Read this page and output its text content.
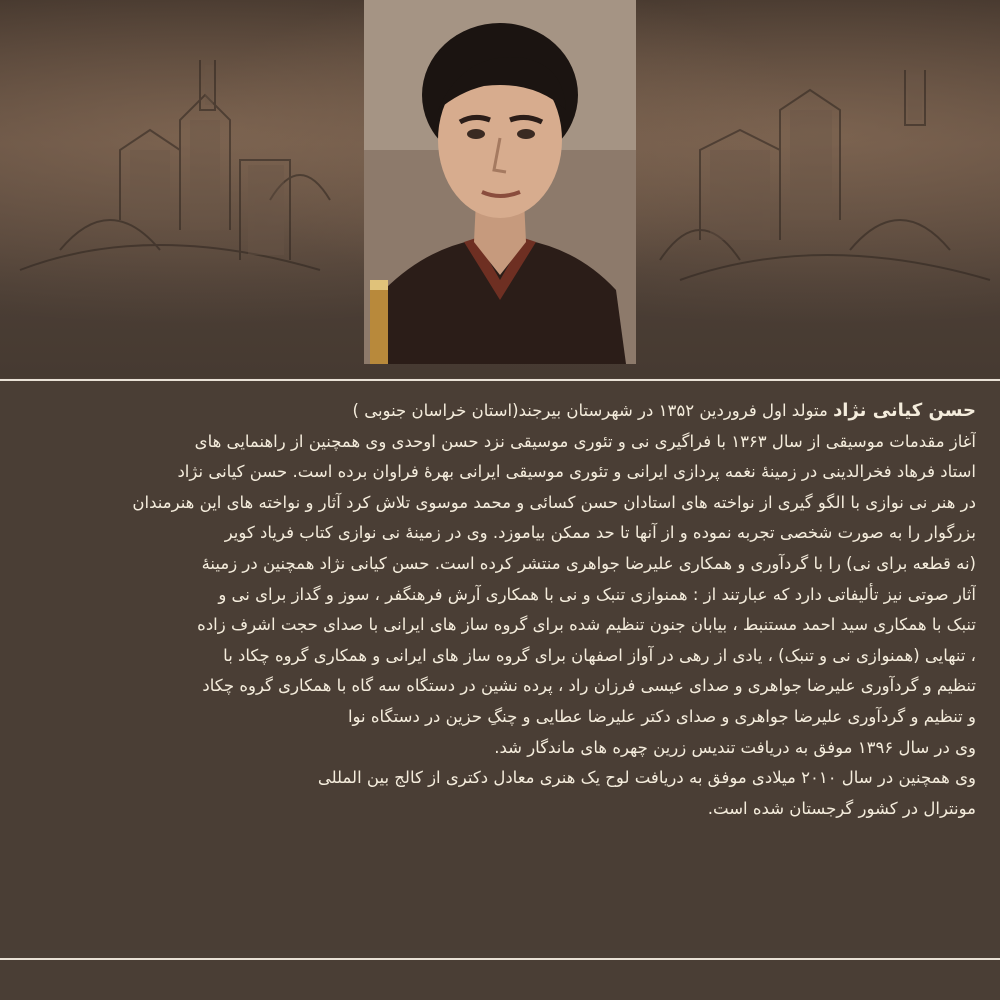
حسن کیانی نژاد متولد اول فروردین ۱۳۵۲ در شهرستان بیرجند(استان خراسان جنوبی )
آغاز مقدمات موسیقی از سال ۱۳۶۳ با فراگیری نی و تئوری موسیقی نزد حسن اوحدی وی همچنین از راهنمایی های
استاد فرهاد فخرالدینی در زمینهٔ نغمه پردازی ایرانی و تئوری موسیقی ایرانی بهرهٔ فراوان برده است. حسن کیانی نژاد
در هنر نی نوازی با الگو گیری از نواخته های استادان حسن کسائی و محمد موسوی تلاش کرد آثار و نواخته های این هنرمندان
بزرگوار را به صورت شخصی تجربه نموده و از آنها تا حد ممکن بیاموزد. وی در زمینهٔ نی نوازی کتاب فریاد کویر
(نه قطعه برای نی) را با گردآوری و همکاری علیرضا جواهری منتشر کرده است. حسن کیانی نژاد همچنین در زمینهٔ
آثار صوتی نیز تألیفاتی دارد که عبارتند از : همنوازی تنبک و نی با همکاری آرش فرهنگفر ، سوز و گداز برای نی و
تنبک با همکاری سید احمد مستنبط ، بیابان جنون تنظیم شده برای گروه ساز های ایرانی با صدای حجت اشرف زاده
، تنهایی (همنوازی نی و تنبک) ، یادی از رهی در آواز اصفهان برای گروه ساز های ایرانی و همکاری گروه چکاد با
تنظیم و گردآوری علیرضا جواهری و صدای عیسی فرزان راد ، پرده نشین در دستگاه سه گاه با همکاری گروه چکاد
و تنظیم و گردآوری علیرضا جواهری و صدای دکتر علیرضا عطایی و چنگِ حزین در دستگاه نوا
وی در سال ۱۳۹۶ موفق به دریافت تندیس زرین چهره های ماندگار شد.
وی همچنین در سال ۲۰۱۰ میلادی موفق به دریافت لوح یک هنری معادل دکتری از کالج بین المللی
مونترال در کشور گرجستان شده است.
